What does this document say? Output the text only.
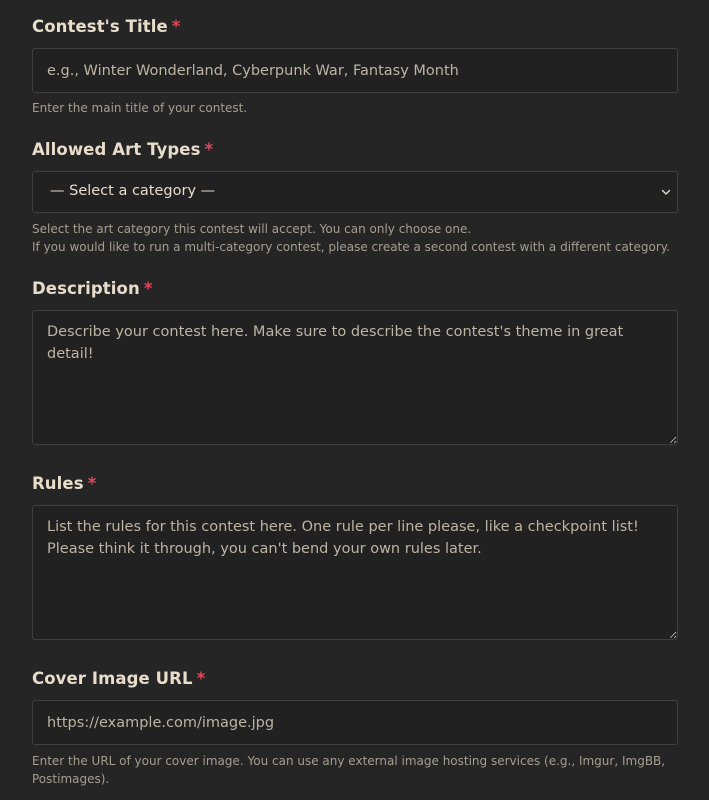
Contest's Title *
e.g., Winter Wonderland, Cyberpunk War, Fantasy Month
Enter the main title of your contest.
Allowed Art Types *
— Select a category —
Select the art category this contest will accept. You can only choose one.
If you would like to run a multi-category contest, please create a second contest with a different category.
Description *
Describe your contest here. Make sure to describe the contest's theme in great detail!
Rules *
List the rules for this contest here. One rule per line please, like a checkpoint list! Please think it through, you can't bend your own rules later.
Cover Image URL *
https://example.com/image.jpg
Enter the URL of your cover image. You can use any external image hosting services (e.g., Imgur, ImgBB,
Postimages).
